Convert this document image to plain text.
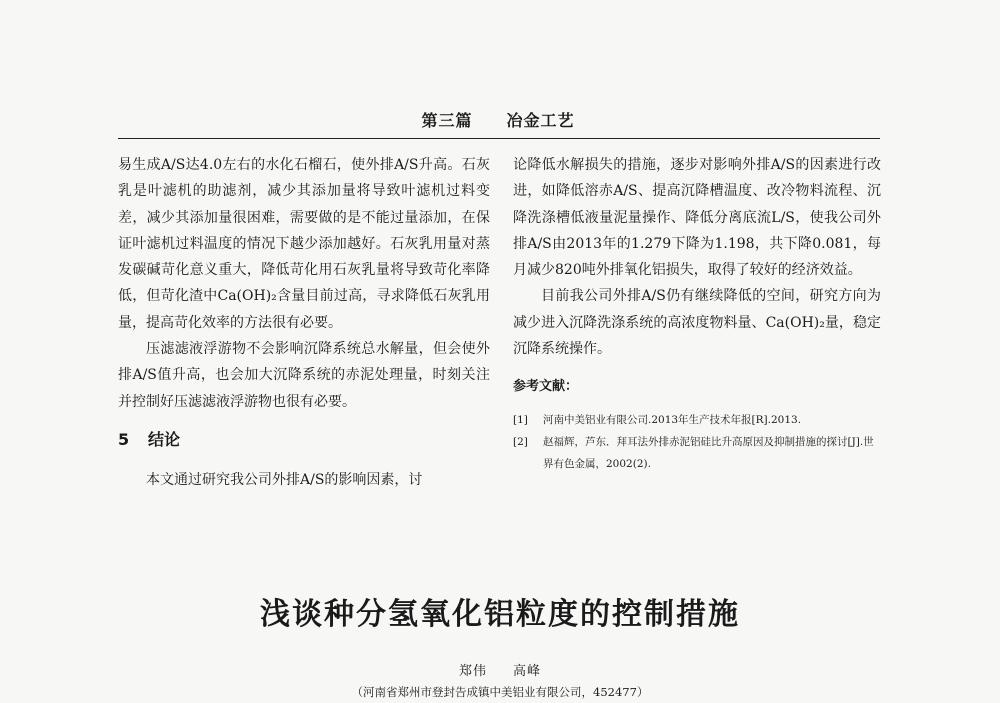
第三篇 冶金工艺

易生成A/S达4.0左右的水化石榴石，使外排A/S升高。石灰乳是叶滤机的助滤剂，减少其添加量将导致叶滤机过料变差，减少其添加量很困难，需要做的是不能过量添加，在保证叶滤机过料温度的情况下越少添加越好。石灰乳用量对蒸发碳碱苛化意义重大，降低苛化用石灰乳量将导致苛化率降低，但苛化渣中Ca(OH)₂含量目前过高，寻求降低石灰乳用量，提高苛化效率的方法很有必要。

压滤滤液浮游物不会影响沉降系统总水解量，但会使外排A/S值升高，也会加大沉降系统的赤泥处理量，时刻关注并控制好压滤滤液浮游物也很有必要。

5 结论

本文通过研究我公司外排A/S的影响因素，讨

论降低水解损失的措施，逐步对影响外排A/S的因素进行改进，如降低溶赤A/S、提高沉降槽温度、改冷物料流程、沉降洗涤槽低液量泥量操作、降低分离底流L/S，使我公司外排A/S由2013年的1.279下降为1.198，共下降0.081，每月减少820吨外排氧化铝损失，取得了较好的经济效益。

目前我公司外排A/S仍有继续降低的空间，研究方向为减少进入沉降洗涤系统的高浓度物料量、Ca(OH)₂量，稳定沉降系统操作。

参考文献：
[1]	河南中美铝业有限公司.2013年生产技术年报[R].2013.
[2]	赵福辉，芦东．拜耳法外排赤泥铝硅比升高原因及抑制措施的探讨[J].世界有色金属，2002(2).
浅谈种分氢氧化铝粒度的控制措施
郑伟 高峰
（河南省郑州市登封告成镇中美铝业有限公司，452477）
